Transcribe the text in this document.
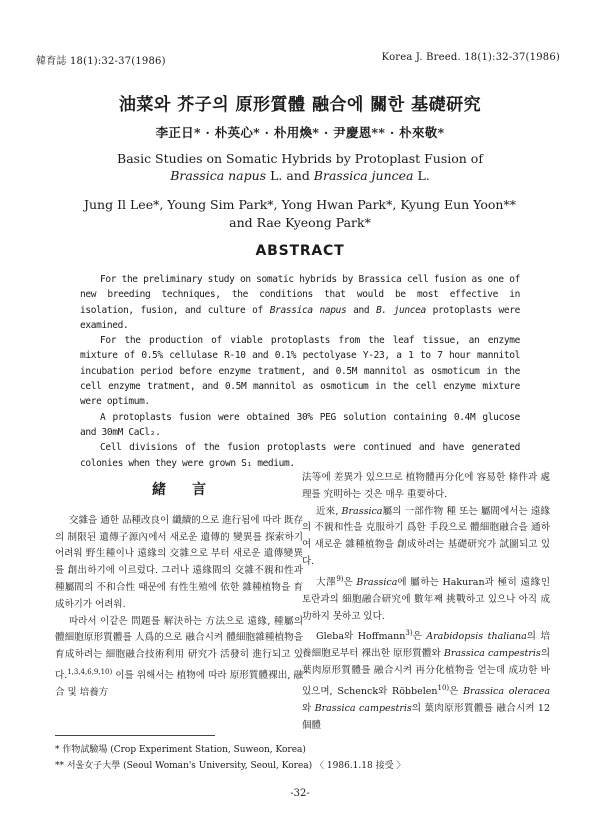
韓育誌 18(1):32-37(1986)	Korea J. Breed. 18(1):32-37(1986)
油菜와 芥子의 原形質體 融合에 關한 基礎研究
李正日* · 朴英心* · 朴用煥* · 尹慶恩** · 朴來敬*
Basic Studies on Somatic Hybrids by Protoplast Fusion of
Brassica napus L. and Brassica juncea L.
Jung Il Lee*, Young Sim Park*, Yong Hwan Park*, Kyung Eun Yoon**
and Rae Kyeong Park*
ABSTRACT

For the preliminary study on somatic hybrids by Brassica cell fusion as one of new breeding techniques, the conditions that would be most effective in isolation, fusion, and culture of Brassica napus and B. juncea protoplasts were examined.

For the production of viable protoplasts from the leaf tissue, an enzyme mixture of 0.5% cellulase R-10 and 0.1% pectolyase Y-23, a 1 to 7 hour mannitol incubation period before enzyme tratment, and 0.5M mannitol as osmoticum in the cell enzyme tratment, and 0.5M mannitol as osmoticum in the cell enzyme mixture were optimum.

A protoplasts fusion were obtained 30% PEG solution containing 0.4M glucose and 30mM CaCl₂.

Cell divisions of the fusion protoplasts were continued and have generated colonies when they were grown S₁ medium.

緒言

交雜을 通한 品種改良이 纖續的으로 進行됨에 따라 既存의 制限된 遺傳子源內에서 새로운 遺傳的 變異를 探索하기 어려워 野生種이나 遠緣의 交雜으로 부터 새로운 遺傳變異를 創出하기에 이르렀다. 그러나 遠緣間의 交雜不親和性과 種屬間의 不和合性 때문에 有性生殖에 依한 雜種植物을 育成하기가 어려워.

따라서 이같은 問題를 解決하는 方法으로 遠緣, 種屬의 體細胞原形質體를 人爲的으로 融合시켜 體細胞雜種植物을 育成하려는 細胞融合技術利用 研究가 活發히 進行되고 있다.$^{1,3,4,6,9,10)}$ 이를 위해서는 植物에 따라 原形質體裸出, 融合 및 培養方

法等에 差異가 있으므로 植物體再分化에 容易한 條件과 處理를 究明하는 것은 매우 重要하다.

近來, Brassica屬의 一部作物 種 또는 屬間에서는 遠緣의 不親和性을 克服하기 爲한 手段으로 體細胞融合을 通하여 새로운 雜種植物을 創成하려는 基礎研究가 試圖되고 있다.

大澤$^{9)}$은 Brassica에 屬하는 Hakuran과 極히 遠緣인 토란과의 細胞融合研究에 數年째 挑戰하고 있으나 아직 成功하지 못하고 있다.

Gleba와 Hoffmann$^{3)}$은 Arabidopsis thaliana의 培養細胞로부터 裸出한 原形質體와 Brassica campestris의 葉肉原形質體를 融合시켜 再分化植物을 얻는데 成功한 바 있으며, Schenck와 Röbbelen$^{10)}$은 Brassica oleracea와 Brassica campestris의 葉肉原形質體를 融合시켜 12個體

* 作物試驗場 (Crop Experiment Station, Suweon, Korea)
** 서울女子大學 (Seoul Woman's University, Seoul, Korea) 〈 1986.1.18 接受 〉
-32-
